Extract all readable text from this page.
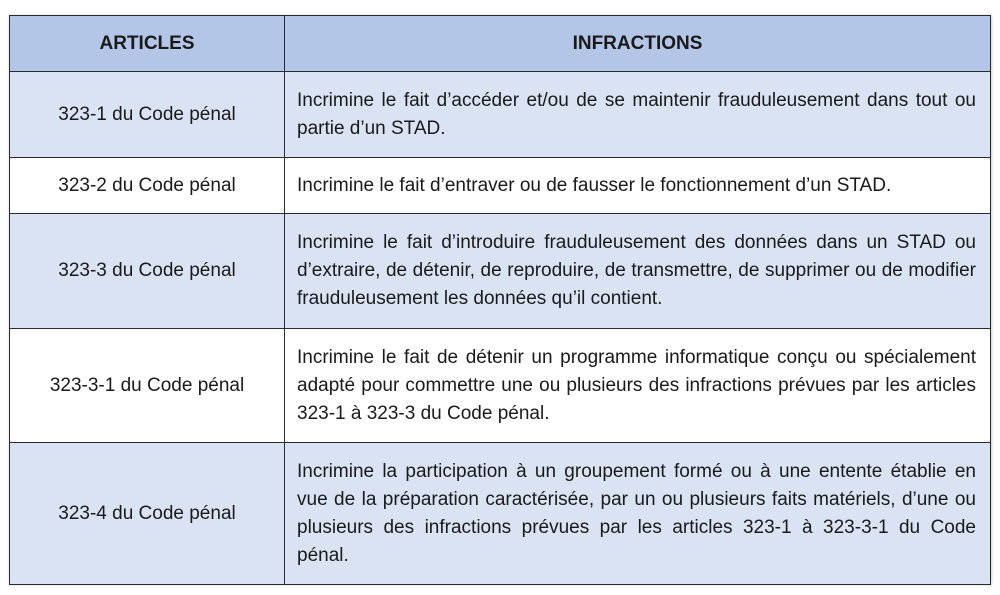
ARTICLES	INFRACTIONS
323-1 du Code pénal	Incrimine le fait d’accéder et/ou de se maintenir frauduleusement dans tout ou partie d’un STAD.
323-2 du Code pénal	Incrimine le fait d’entraver ou de fausser le fonctionnement d’un STAD.
323-3 du Code pénal	Incrimine le fait d’introduire frauduleusement des données dans un STAD ou d’extraire, de détenir, de reproduire, de transmettre, de supprimer ou de modifier frauduleusement les données qu’il contient.
323-3-1 du Code pénal	Incrimine le fait de détenir un programme informatique conçu ou spécialement adapté pour commettre une ou plusieurs des infractions prévues par les articles 323-1 à 323-3 du Code pénal.
323-4 du Code pénal	Incrimine la participation à un groupement formé ou à une entente établie en vue de la préparation caractérisée, par un ou plusieurs faits matériels, d’une ou plusieurs des infractions prévues par les articles 323-1 à 323-3-1 du Code pénal.
